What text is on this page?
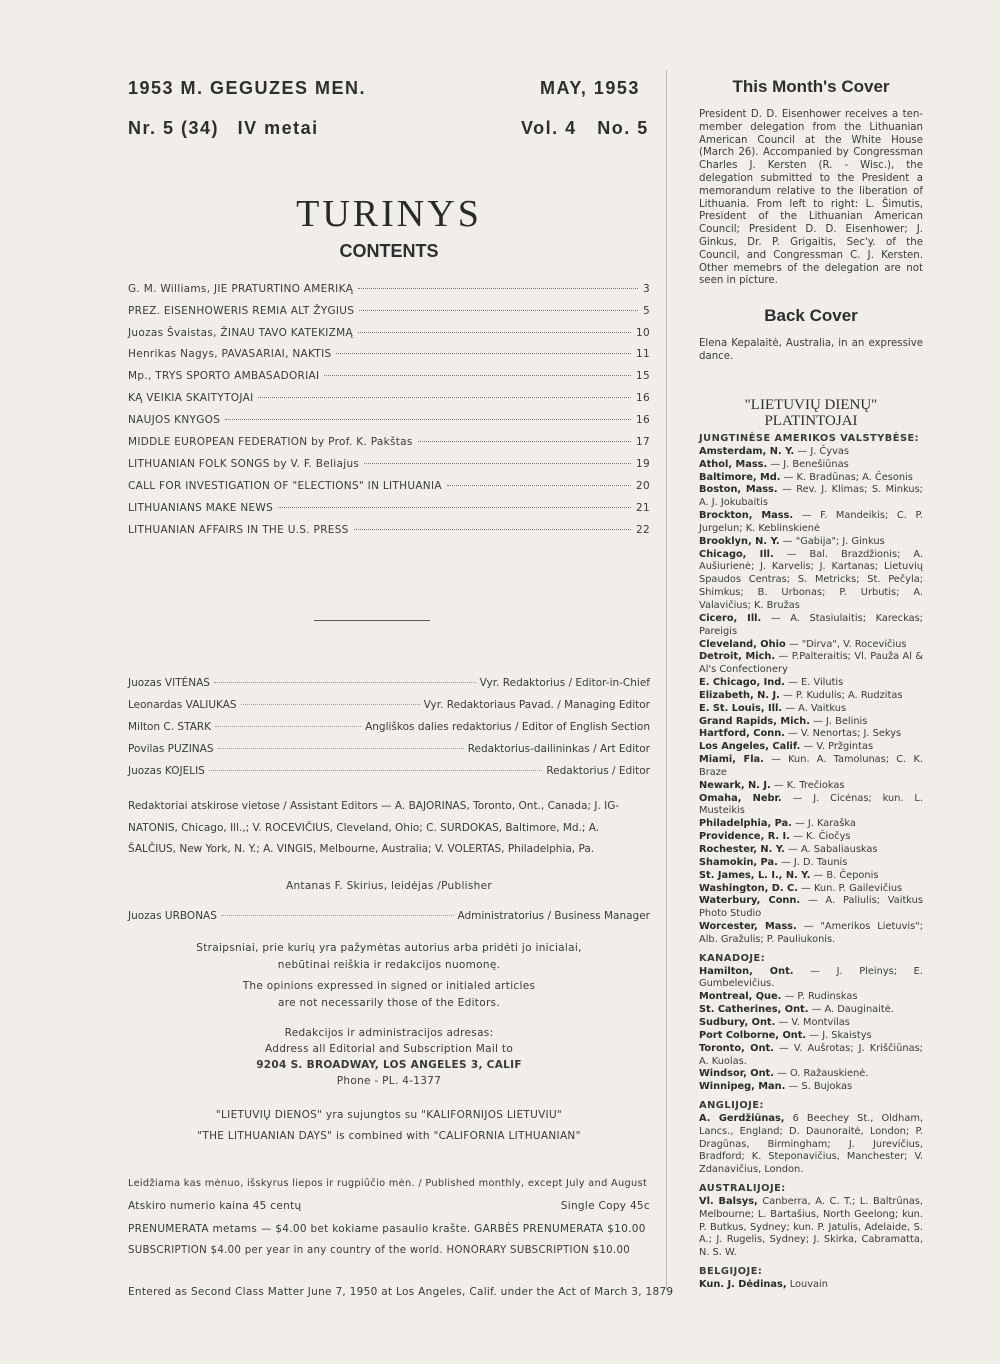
1953 M. GEGUZES MEN.	MAY, 1953
Nr. 5 (34) IV metai	Vol. 4 No. 5
TURINYS
CONTENTS
G. M. Williams, JIE PRATURTINO AMERIKĄ	3
PREZ. EISENHOWERIS REMIA ALT ŽYGIUS	5
Juozas Švaistas, ŽINAU TAVO KATEKIZMĄ	10
Henrikas Nagys, PAVASARIAI, NAKTIS	11
Mp., TRYS SPORTO AMBASADORIAI	15
KĄ VEIKIA SKAITYTOJAI	16
NAUJOS KNYGOS	16
MIDDLE EUROPEAN FEDERATION by Prof. K. Pakštas	17
LITHUANIAN FOLK SONGS by V. F. Beliajus	19
CALL FOR INVESTIGATION OF "ELECTIONS" IN LITHUANIA	20
LITHUANIANS MAKE NEWS	21
LITHUANIAN AFFAIRS IN THE U.S. PRESS	22
Juozas VITĖNAS	Vyr. Redaktorius / Editor-in-Chief
Leonardas VALIUKAS	Vyr. Redaktoriaus Pavad. / Managing Editor
Milton C. STARK	Angliškos dalies redaktorius / Editor of English Section
Povilas PUZINAS	Redaktorius-dailininkas / Art Editor
Juozas KOJELIS	Redaktorius / Editor
Redaktoriai atskirose vietose / Assistant Editors — A. BAJORINAS, Toronto, Ont., Canada; J. IG-
NATONIS, Chicago, Ill.,; V. ROCEVIČIUS, Cleveland, Ohio; C. SURDOKAS, Baltimore, Md.; A.
ŠALČIUS, New York, N. Y.; A. VINGIS, Melbourne, Australia; V. VOLERTAS, Philadelphia, Pa.
Antanas F. Skirius, leidėjas /Publisher
Juozas URBONAS	Administratorius / Business Manager
Straipsniai, prie kurių yra pažymėtas autorius arba pridėti jo inicialai,
nebūtinai reiškia ir redakcijos nuomonę.
The opinions expressed in signed or initialed articles
are not necessarily those of the Editors.
Redakcijos ir administracijos adresas:
Address all Editorial and Subscription Mail to
9204 S. BROADWAY, LOS ANGELES 3, CALIF
Phone - PL. 4-1377
"LIETUVIŲ DIENOS" yra sujungtos su "KALIFORNIJOS LIETUVIU"
"THE LITHUANIAN DAYS" is combined with "CALIFORNIA LITHUANIAN"
Leidžiama kas mėnuo, išskyrus liepos ir rugpiūčio mėn. / Published monthly, except July and August
Atskiro numerio kaina 45 centų	Single Copy 45c
PRENUMERATA metams — $4.00 bet kokiame pasaulio krašte. GARBĖS PRENUMERATA $10.00
SUBSCRIPTION $4.00 per year in any country of the world. HONORARY SUBSCRIPTION $10.00
Entered as Second Class Matter June 7, 1950 at Los Angeles, Calif. under the Act of March 3, 1879
This Month's Cover
President D. D. Eisenhower receives a ten-member delegation from the Lithuanian American Council at the White House (March 26). Accompanied by Congressman Charles J. Kersten (R. - Wisc.), the delegation submitted to the President a memorandum relative to the liberation of Lithuania. From left to right: L. Šimutis, President of the Lithuanian American Council; President D. D. Eisenhower; J. Ginkus, Dr. P. Grigaitis, Sec'y. of the Council, and Congressman C. J. Kersten. Other memebrs of the delegation are not seen in picture.
Back Cover
Elena Kepalaitė, Australia, in an expressive dance.
"LIETUVIŲ DIENŲ"
PLATINTOJAI
JUNGTINĖSE AMERIKOS VALSTYBĖSE:

Amsterdam, N. Y. — J. Čyvas

Athol, Mass. — J. Benešiūnas

Baltimore, Md. — K. Bradūnas; A. Česonis

Boston, Mass. — Rev. J. Klimas; S. Minkus; A. J. Jokubaitis

Brockton, Mass. — F. Mandeikis; C. P. Jurgelun; K. Keblinskienė

Brooklyn, N. Y. — "Gabija"; J. Ginkus

Chicago, Ill. — Bal. Brazdžionis; A. Aušiurienė; J. Karvelis; J. Kartanas; Lietuvių Spaudos Centras; S. Metricks; St. Pečyla; Shimkus; B. Urbonas; P. Urbutis; A. Valavičius; K. Bružas

Cicero, Ill. — A. Stasiulaitis; Kareckas; Pareigis

Cleveland, Ohio — "Dirva", V. Rocevičius

Detroit, Mich. — P.Palteraitis; Vl. Pauža Al & Al's Confectionery

E. Chicago, Ind. — E. Vilutis

Elizabeth, N. J. — P. Kudulis; A. Rudzitas

E. St. Louis, Ill. — A. Vaitkus

Grand Rapids, Mich. — J. Belinis

Hartford, Conn. — V. Nenortas; J. Sekys

Los Angeles, Calif. — V. Pržgintas

Miami, Fla. — Kun. A. Tamolunas; C. K. Braze

Newark, N. J. — K. Trečiokas

Omaha, Nebr. — J. Cicėnas; kun. L. Musteikis

Philadelphia, Pa. — J. Karaška

Providence, R. I. — K. Čiočys

Rochester, N. Y. — A. Sabaliauskas

Shamokin, Pa. — J. D. Taunis

St. James, L. I., N. Y. — B. Čeponis

Washington, D. C. — Kun. P. Gailevičius

Waterbury, Conn. — A. Paliulis; Vaitkus Photo Studio

Worcester, Mass. — "Amerikos Lietuvis"; Alb. Gražulis; P. Pauliukonis.

KANADOJE:

Hamilton, Ont. — J. Pleinys; E. Gumbelevičius.

Montreal, Que. — P. Rudinskas

St. Catherines, Ont. — A. Dauginaitė.

Sudbury, Ont. — V. Montvilas

Port Colborne, Ont. — J. Skaistys

Toronto, Ont. — V. Aušrotas; J. Kriščiūnas; A. Kuolas.

Windsor, Ont. — O. Ražauskienė.

Winnipeg, Man. — S. Bujokas

ANGLIJOJE:

A. Gerdžiūnas, 6 Beechey St., Oldham, Lancs., England; D. Daunoraitė, London; P. Dragūnas, Birmingham; J. Jurevičius, Bradford; K. Steponavičius, Manchester; V. Zdanavičius, London.

AUSTRALIJOJE:

Vl. Balsys, Canberra, A. C. T.; L. Baltrūnas, Melbourne; L. Bartašius, North Geelong; kun. P. Butkus, Sydney; kun. P. Jatulis, Adelaide, S. A.; J. Rugelis, Sydney; J. Skirka, Cabramatta, N. S. W.

BELGIJOJE:

Kun. J. Dėdinas, Louvain
